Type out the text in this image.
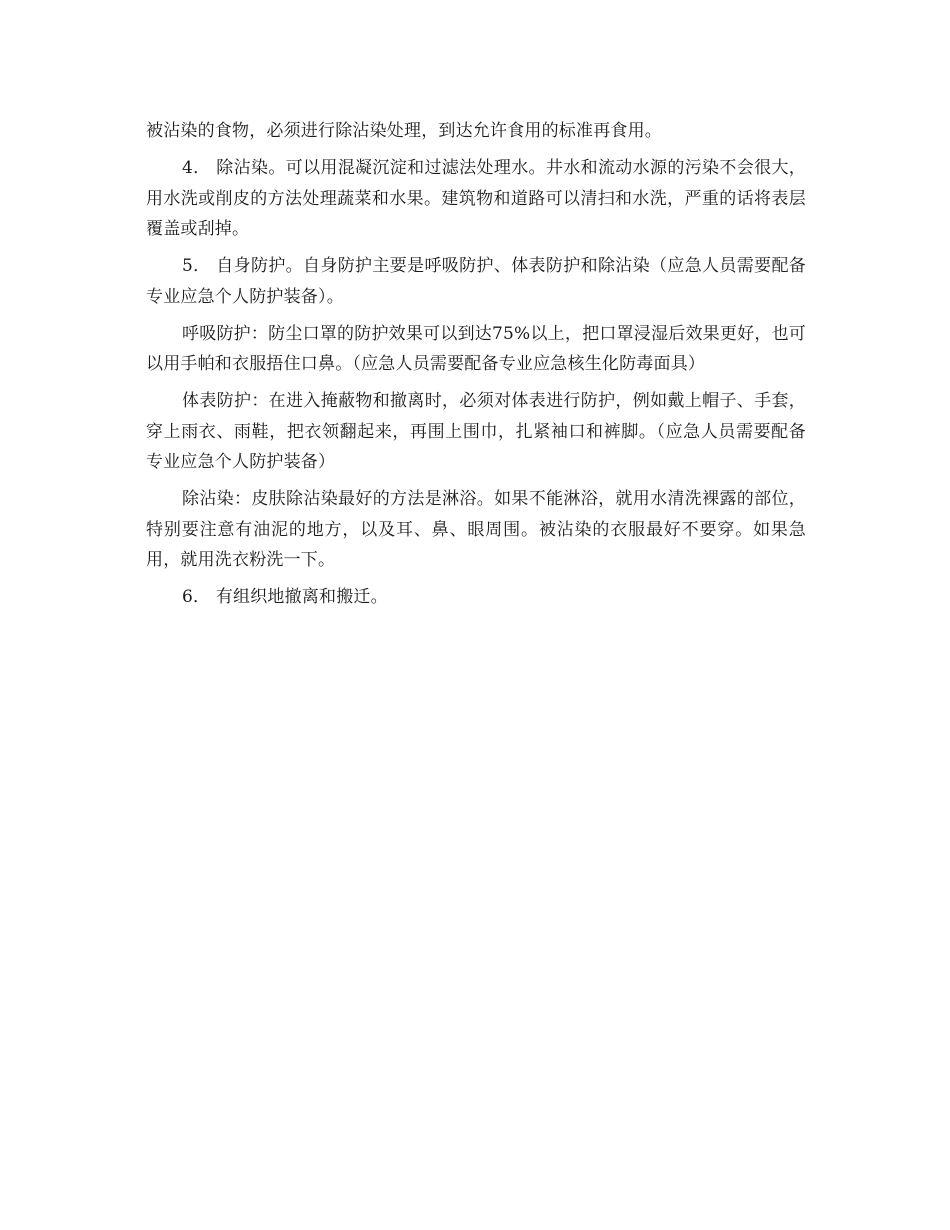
被沾染的食物，必须进行除沾染处理，到达允许食用的标准再食用。

4． 除沾染。可以用混凝沉淀和过滤法处理水。井水和流动水源的污染不会很大，用水洗或削皮的方法处理蔬菜和水果。建筑物和道路可以清扫和水洗，严重的话将表层覆盖或刮掉。

5． 自身防护。自身防护主要是呼吸防护、体表防护和除沾染（应急人员需要配备专业应急个人防护装备）。

呼吸防护：防尘口罩的防护效果可以到达75%以上，把口罩浸湿后效果更好，也可以用手帕和衣服捂住口鼻。（应急人员需要配备专业应急核生化防毒面具）

体表防护：在进入掩蔽物和撤离时，必须对体表进行防护，例如戴上帽子、手套，穿上雨衣、雨鞋，把衣领翻起来，再围上围巾，扎紧袖口和裤脚。（应急人员需要配备专业应急个人防护装备）

除沾染：皮肤除沾染最好的方法是淋浴。如果不能淋浴，就用水清洗裸露的部位，特别要注意有油泥的地方，以及耳、鼻、眼周围。被沾染的衣服最好不要穿。如果急用，就用洗衣粉洗一下。

6． 有组织地撤离和搬迁。
